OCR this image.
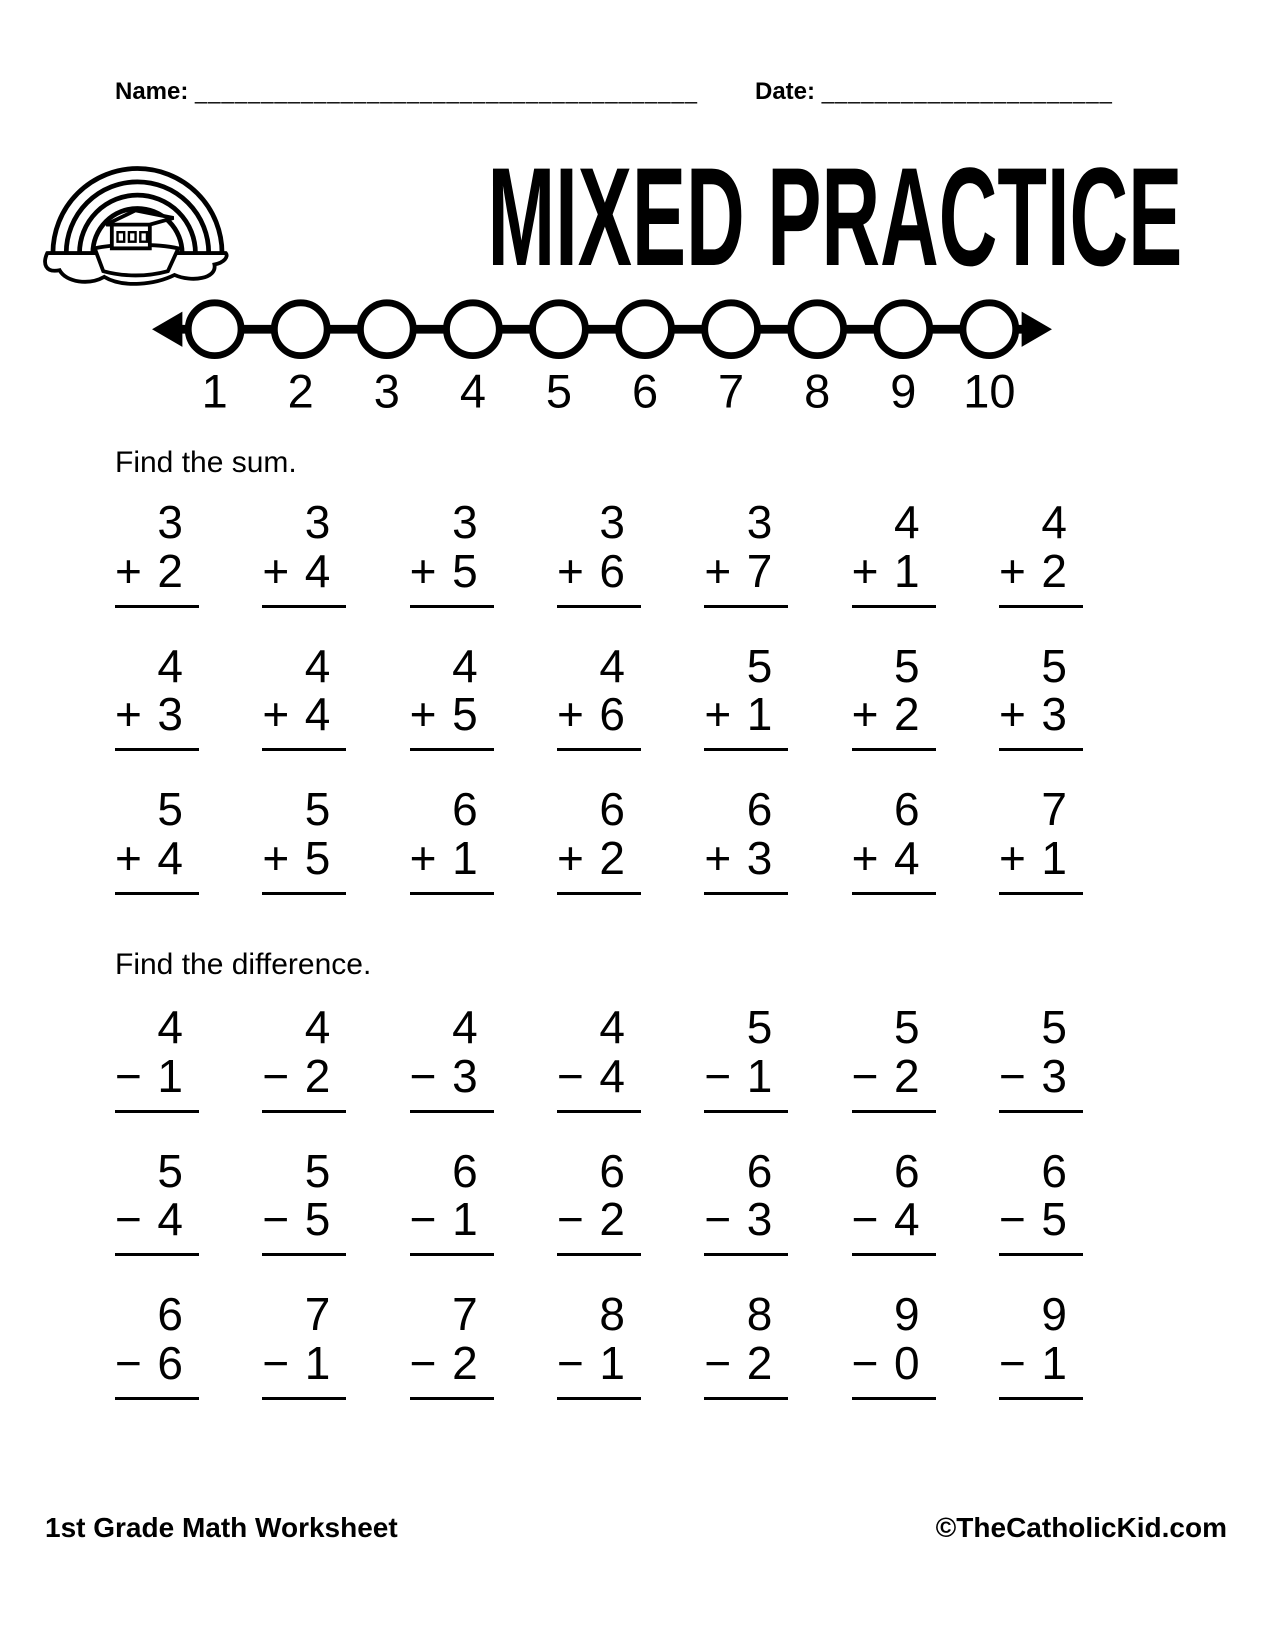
Name: ______________________________________ Date: ______________________
MIXED PRACTICE
1 2 3 4 5 6 7 8 9 10
Find the sum.
3
+ 2
3
+ 4
3
+ 5
3
+ 6
3
+ 7
4
+ 1
4
+ 2
4
+ 3
4
+ 4
4
+ 5
4
+ 6
5
+ 1
5
+ 2
5
+ 3
5
+ 4
5
+ 5
6
+ 1
6
+ 2
6
+ 3
6
+ 4
7
+ 1
Find the difference.
4
− 1
4
− 2
4
− 3
4
− 4
5
− 1
5
− 2
5
− 3
5
− 4
5
− 5
6
− 1
6
− 2
6
− 3
6
− 4
6
− 5
6
− 6
7
− 1
7
− 2
8
− 1
8
− 2
9
− 0
9
− 1
1st Grade Math Worksheet	©TheCatholicKid.com
